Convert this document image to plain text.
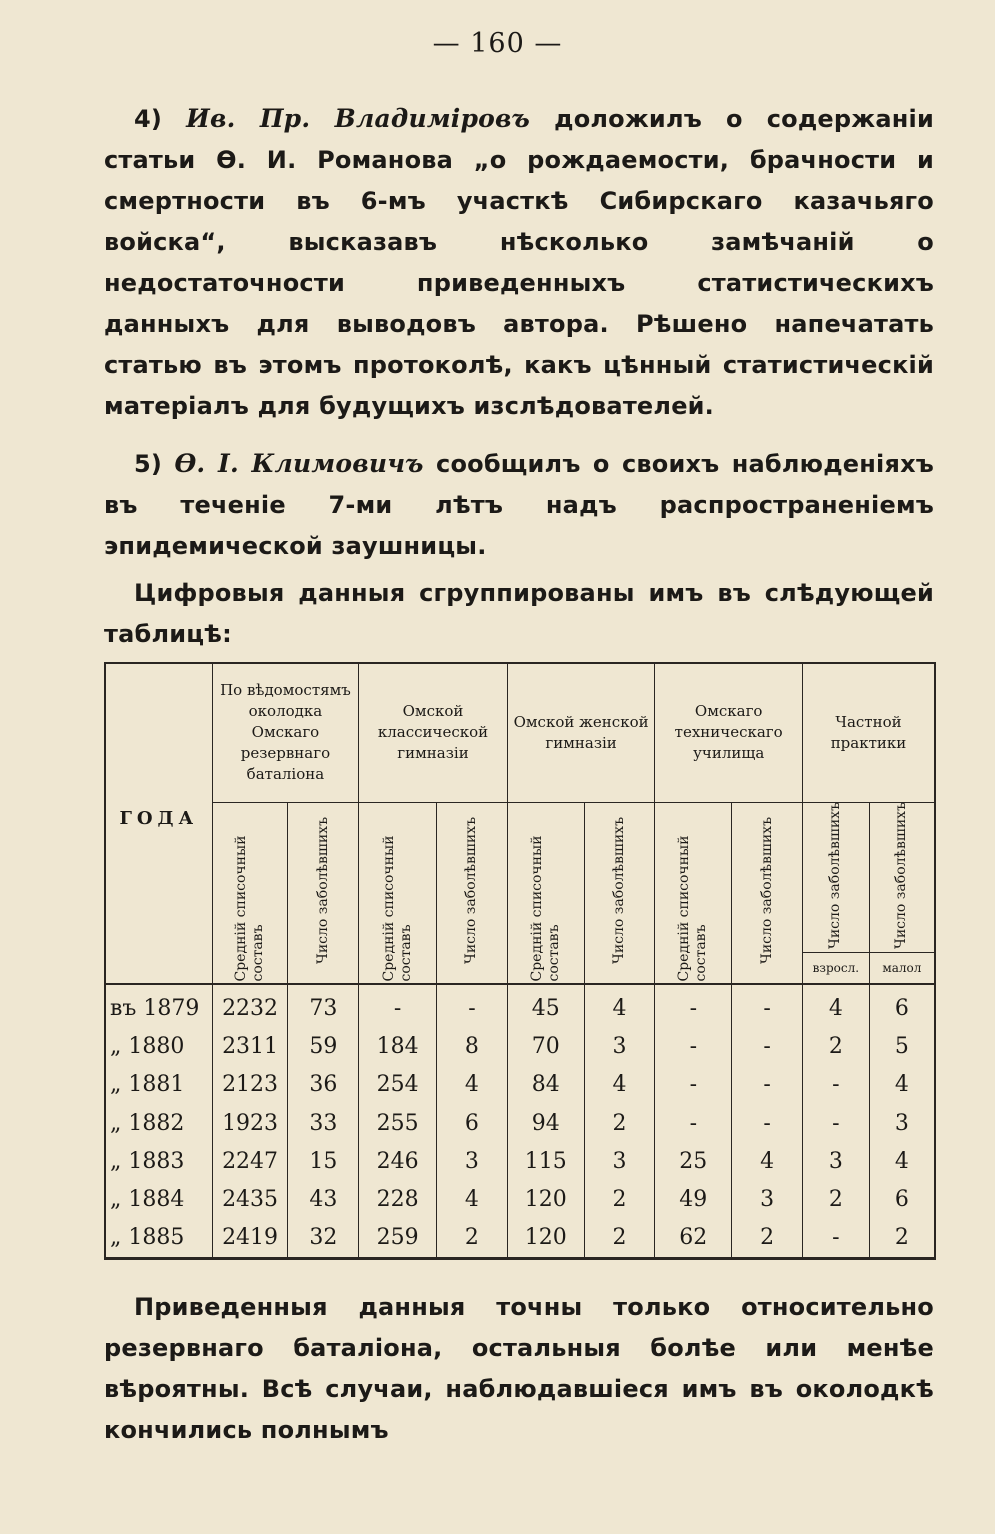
— 160 —

4) Ив. Пр. Владиміровъ доложилъ о содержаніи статьи Ѳ. И. Романова „о рождаемости, брачности и смертности въ 6-мъ участкѣ Сибирскаго казачьяго войска“, высказавъ нѣсколько замѣчаній о недостаточности приведенныхъ статистическихъ данныхъ для выводовъ автора. Рѣшено напечатать статью въ этомъ протоколѣ, какъ цѣнный статистическій матеріалъ для будущихъ изслѣдователей.

5) Ѳ. I. Климовичъ сообщилъ о своихъ наблюденіяхъ въ теченіе 7-ми лѣтъ надъ распространеніемъ эпидемической заушницы.

Цифровыя данныя сгруппированы имъ въ слѣдующей таблицѣ:

ГОДА	По вѣдомостямъ околодка Омскаго резервнаго баталіона		Омской классической гимназіи		Омской женской гимназіи		Омскаго техническаго училища		Частной практики	
	Средній списочный составъ	Число заболѣвшихъ	Средній списочный составъ	Число заболѣвшихъ	Средній списочный составъ	Число заболѣвшихъ	Средній списочный составъ	Число заболѣвшихъ	Число заболѣвшихъ	Число заболѣвшихъ
									взросл.	малол
въ 1879	2232	73	-	-	45	4	-	-	4	6
„ 1880	2311	59	184	8	70	3	-	-	2	5
„ 1881	2123	36	254	4	84	4	-	-	-	4
„ 1882	1923	33	255	6	94	2	-	-	-	3
„ 1883	2247	15	246	3	115	3	25	4	3	4
„ 1884	2435	43	228	4	120	2	49	3	2	6
„ 1885	2419	32	259	2	120	2	62	2	-	2

Приведенныя данныя точны только относительно резервнаго баталіона, остальныя болѣе или менѣе вѣроятны. Всѣ случаи, наблюдавшіеся имъ въ околодкѣ кончились полнымъ
